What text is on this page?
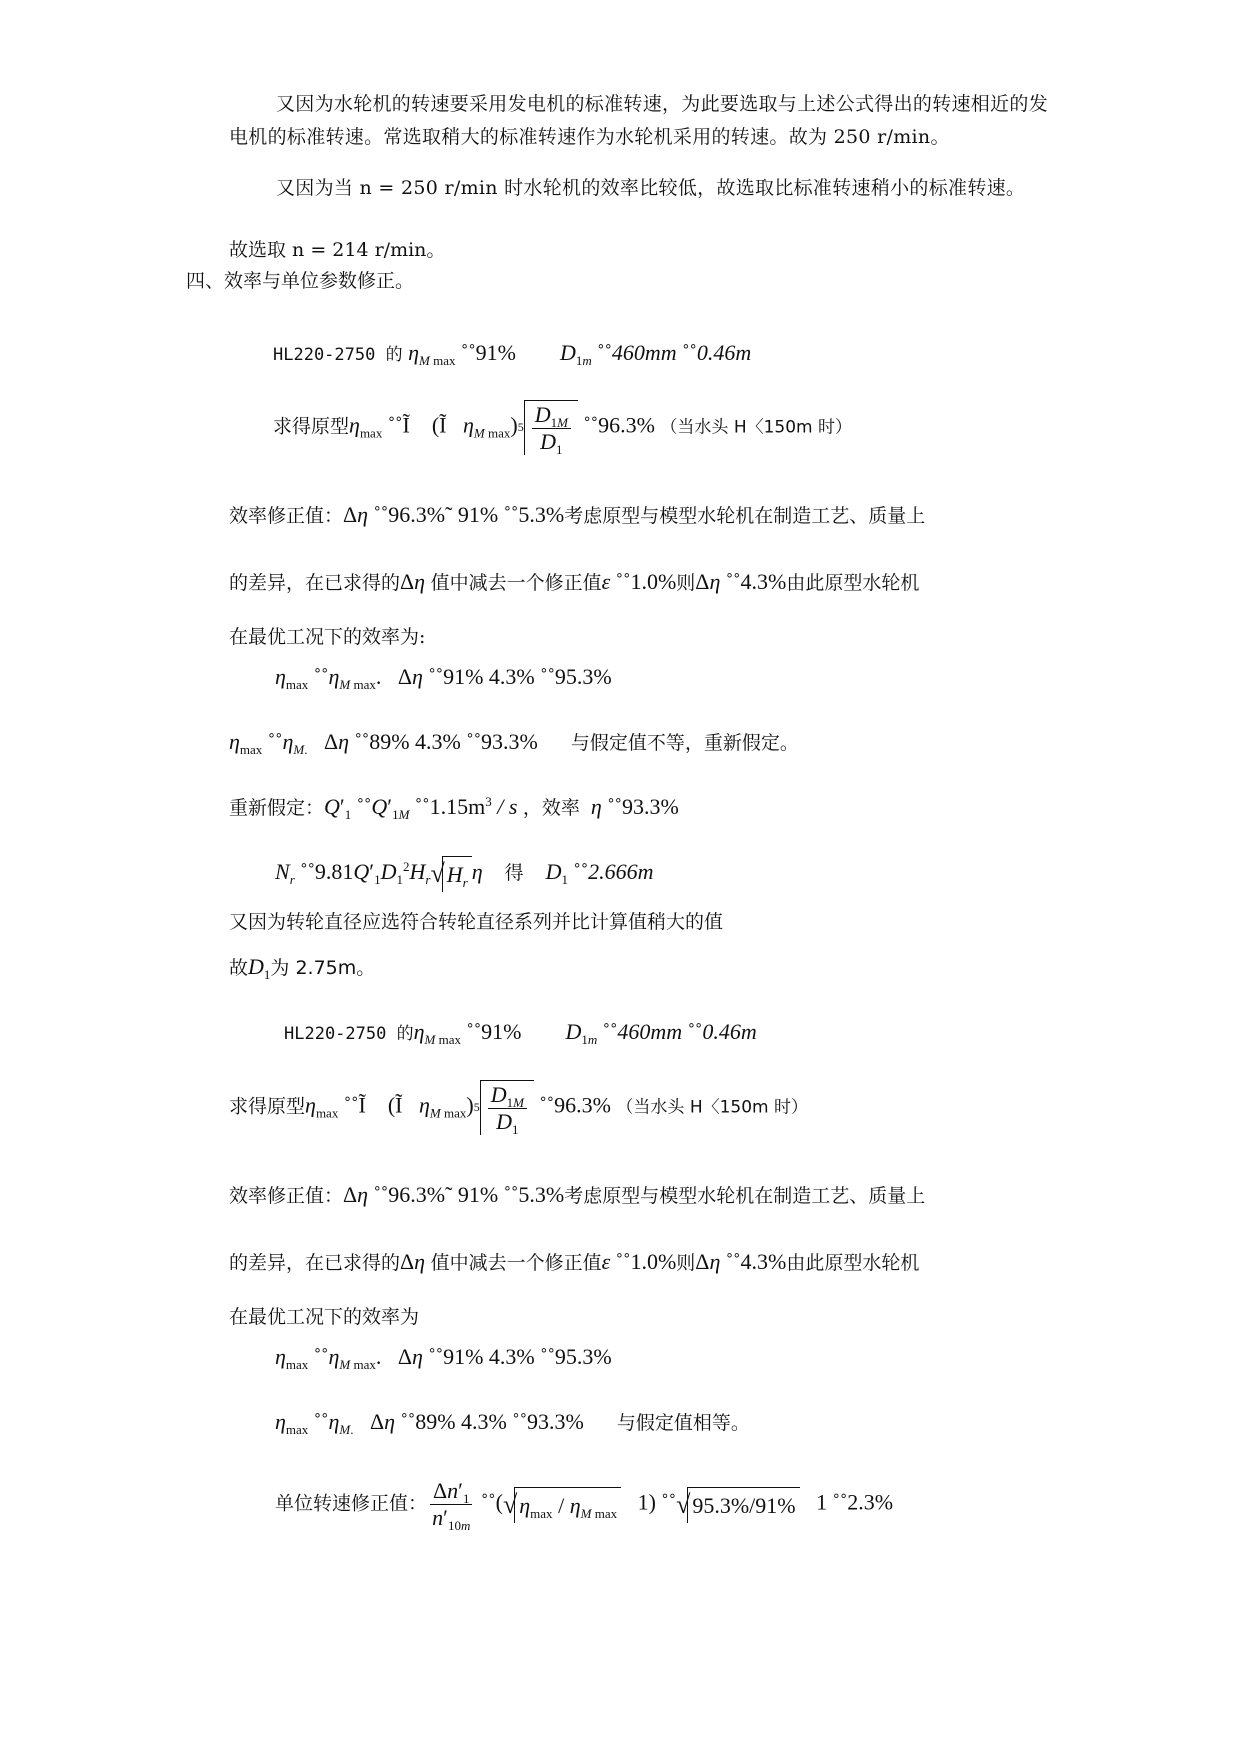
又因为水轮机的转速要采用发电机的标准转速，为此要选取与上述公式得出的转速相近的发电机的标准转速。常选取稍大的标准转速作为水轮机采用的转速。故为 250 r/min。
又因为当 n = 250 r/min 时水轮机的效率比较低，故选取比标准转速稍小的标准转速。
故选取 n = 214 r/min。
四、效率与单位参数修正。
HL220-2750 的 $\eta_{M max}$ ˚˚91% $D_{1m}$ ˚˚460mm ˚˚0.46m
求得原型$\eta_{max}$ ˚˚Ĩ (Ĩ $\eta_{M max})5 \frac{D_{1M}}{D_1}$ ˚˚96.3% （当水头 H〈150m 时）
效率修正值：Δη ˚˚96.3%˜ 91% ˚˚5.3%考虑原型与模型水轮机在制造工艺、质量上
的差异，在已求得的Δη 值中减去一个修正值ε ˚˚1.0%则Δη ˚˚4.3%由此原型水轮机
在最优工况下的效率为:
$\eta_{max}$ $˚˚\eta_{M max}$.   Δη ˚˚91% 4.3% ˚˚95.3%
$\eta_{max}$ $˚˚\eta_{M.}$   Δη ˚˚89% 4.3% ˚˚93.3% 与假定值不等，重新假定。
重新假定：$Q'_1$ $˚˚Q'_{1M}$ $˚˚1.15m^3$ / s ，效率 η ˚˚93.3%
$N_r$ $˚˚9.81Q'_1D_1^2H_r√H_r$ η 得 $D_1$ ˚˚2.666m
又因为转轮直径应选符合转轮直径系列并比计算值稍大的值
故$D_1$为 2.75m。
HL220-2750 的$\eta_{M max}$ ˚˚91% $D_{1m}$ ˚˚460mm ˚˚0.46m
求得原型$\eta_{max}$ ˚˚Ĩ (Ĩ $\eta_{M max})5 \frac{D_{1M}}{D_1}$ ˚˚96.3% （当水头 H〈150m 时）
效率修正值：Δη ˚˚96.3%˜ 91% ˚˚5.3%考虑原型与模型水轮机在制造工艺、质量上
的差异，在已求得的Δη 值中减去一个修正值ε ˚˚1.0%则Δη ˚˚4.3%由此原型水轮机
在最优工况下的效率为
$\eta_{max}$ $˚˚\eta_{M max}$.   Δη ˚˚91% 4.3% ˚˚95.3%
$\eta_{max}$ $˚˚\eta_{M.}$   Δη ˚˚89% 4.3% ˚˚93.3% 与假定值相等。
单位转速修正值： $\frac{\Delta n'_1}{n'_{10m}}$ $˚˚(√\eta_{max} / \eta_{M max}$   1) ˚˚√95.3%/91%   1 ˚˚2.3%
